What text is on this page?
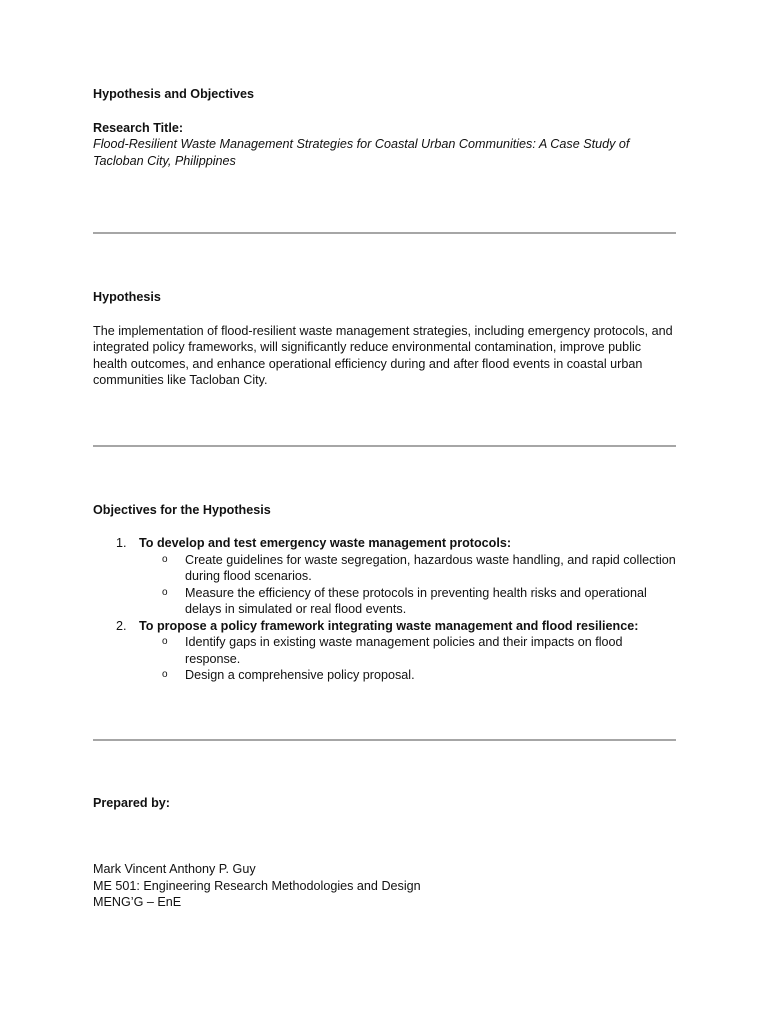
Hypothesis and Objectives

Research Title:

Flood-Resilient Waste Management Strategies for Coastal Urban Communities: A Case Study of Tacloban City, Philippines

Hypothesis

The implementation of flood-resilient waste management strategies, including emergency protocols, and integrated policy frameworks, will significantly reduce environmental contamination, improve public health outcomes, and enhance operational efficiency during and after flood events in coastal urban communities like Tacloban City.

Objectives for the Hypothesis

1. To develop and test emergency waste management protocols:
o Create guidelines for waste segregation, hazardous waste handling, and rapid collection during flood scenarios.
o Measure the efficiency of these protocols in preventing health risks and operational delays in simulated or real flood events.
2. To propose a policy framework integrating waste management and flood resilience:
o Identify gaps in existing waste management policies and their impacts on flood response.
o Design a comprehensive policy proposal.

Prepared by:

Mark Vincent Anthony P. Guy

ME 501: Engineering Research Methodologies and Design

MENG’G – EnE
